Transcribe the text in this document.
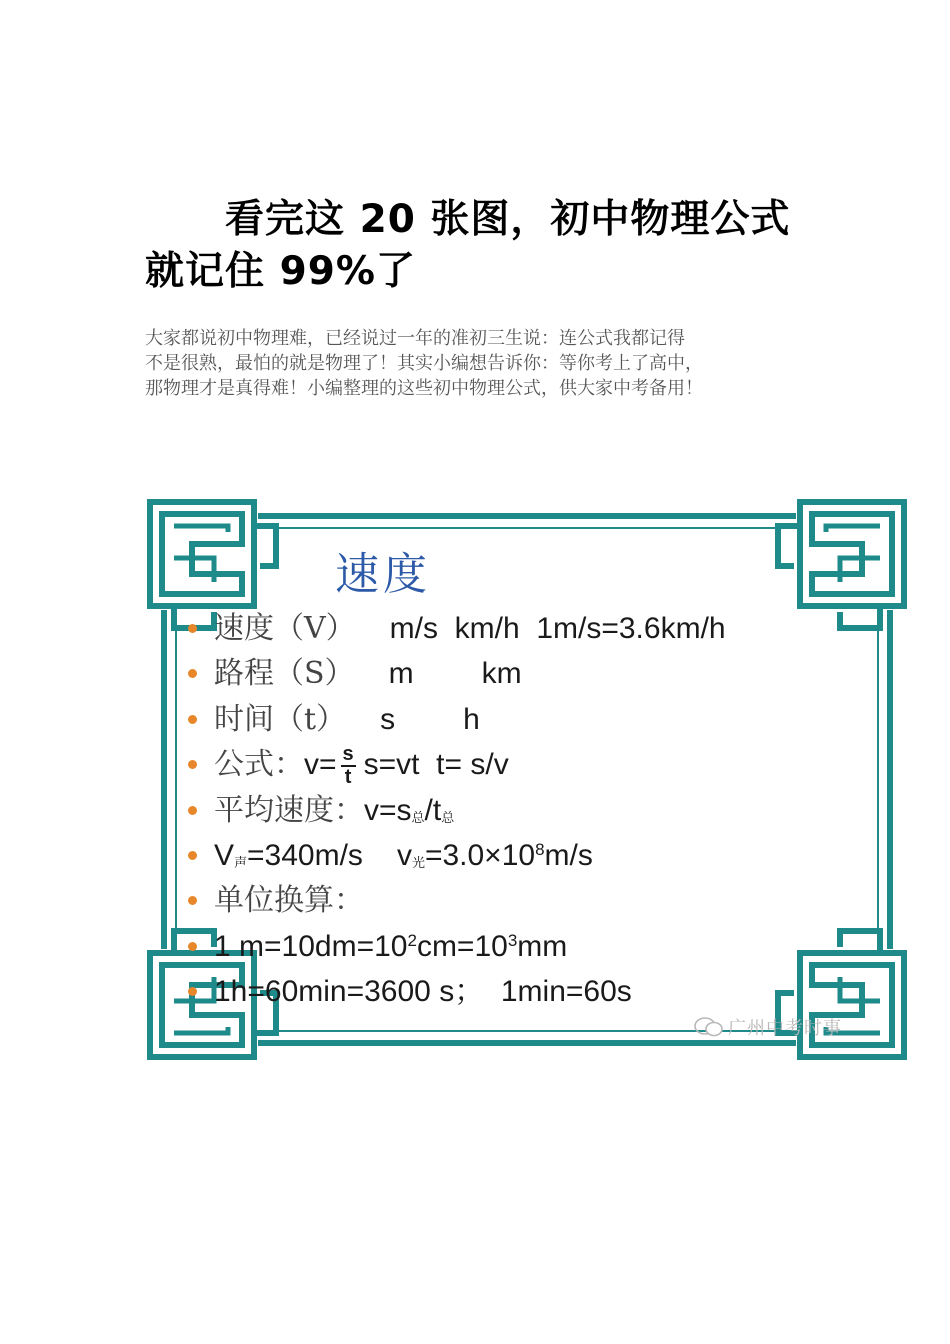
看完这 20 张图，初中物理公式
就记住 99%了
大家都说初中物理难，已经说过一年的准初三生说：连公式我都记得
不是很熟，最怕的就是物理了！其实小编想告诉你：等你考上了高中，
那物理才是真得难！小编整理的这些初中物理公式，供大家中考备用！
速度
速度（V） m/s  km/h  1m/s=3.6km/h
路程（S） m km
时间（t） s h
公式：$v= \frac{s}{t} s=vt$  t= s/v
平均速度：$v=s_总/t_总$
$V_声=340m/s$ $v_光=3.0\times 10^8m/s$
单位换算：
1 $m=10dm=10^2cm=10^3mm$
1h=60min=3600 s；  1min=60s
广州中考时事
